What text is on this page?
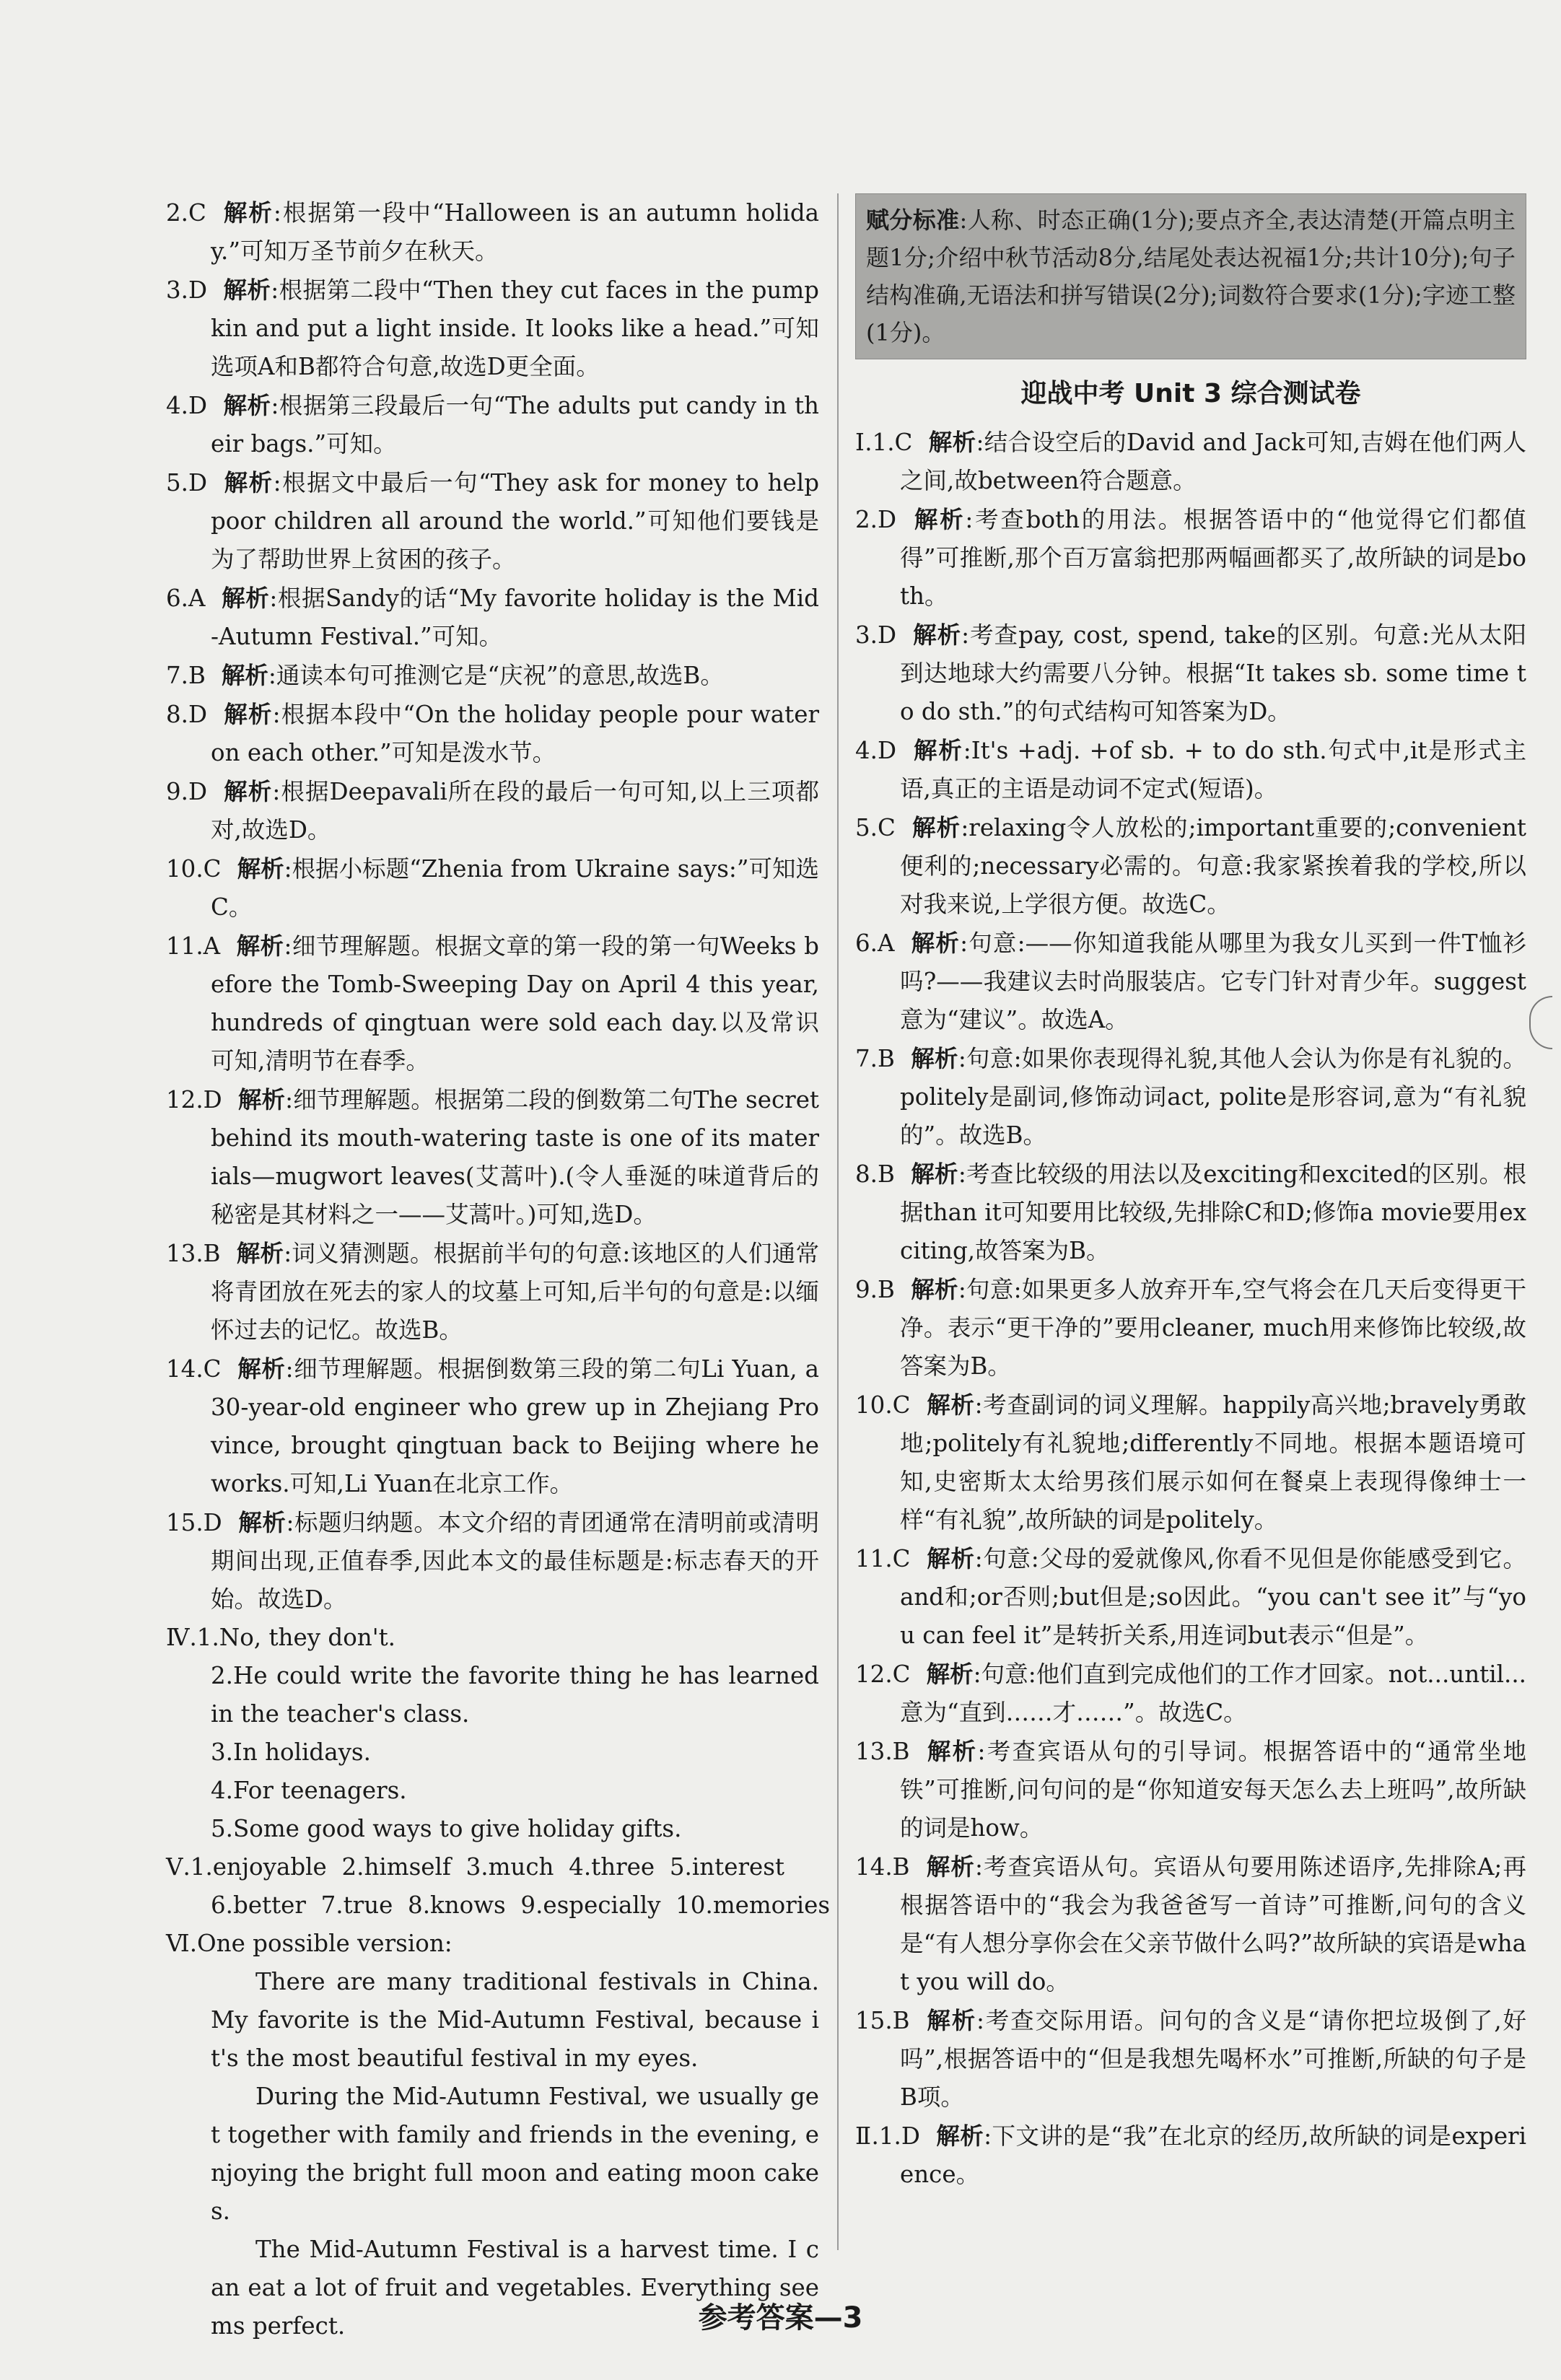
2.C 解析:根据第一段中“Halloween is an autumn holiday.”可知万圣节前夕在秋天。

3.D 解析:根据第二段中“Then they cut faces in the pumpkin and put a light inside. It looks like a head.”可知选项A和B都符合句意,故选D更全面。

4.D 解析:根据第三段最后一句“The adults put candy in their bags.”可知。

5.D 解析:根据文中最后一句“They ask for money to help poor children all around the world.”可知他们要钱是为了帮助世界上贫困的孩子。

6.A 解析:根据Sandy的话“My favorite holiday is the Mid-Autumn Festival.”可知。

7.B 解析:通读本句可推测它是“庆祝”的意思,故选B。

8.D 解析:根据本段中“On the holiday people pour water on each other.”可知是泼水节。

9.D 解析:根据Deepavali所在段的最后一句可知,以上三项都对,故选D。

10.C 解析:根据小标题“Zhenia from Ukraine says:”可知选C。

11.A 解析:细节理解题。根据文章的第一段的第一句Weeks before the Tomb-Sweeping Day on April 4 this year, hundreds of qingtuan were sold each day.以及常识可知,清明节在春季。

12.D 解析:细节理解题。根据第二段的倒数第二句The secret behind its mouth-watering taste is one of its materials—mugwort leaves(艾蒿叶).(令人垂涎的味道背后的秘密是其材料之一——艾蒿叶。)可知,选D。

13.B 解析:词义猜测题。根据前半句的句意:该地区的人们通常将青团放在死去的家人的坟墓上可知,后半句的句意是:以缅怀过去的记忆。故选B。

14.C 解析:细节理解题。根据倒数第三段的第二句Li Yuan, a 30-year-old engineer who grew up in Zhejiang Province, brought qingtuan back to Beijing where he works.可知,Li Yuan在北京工作。

15.D 解析:标题归纳题。本文介绍的青团通常在清明前或清明期间出现,正值春季,因此本文的最佳标题是:标志春天的开始。故选D。

Ⅳ.1.No, they don't.

2.He could write the favorite thing he has learned in the teacher's class.

3.In holidays.

4.For teenagers.

5.Some good ways to give holiday gifts.

Ⅴ.1.enjoyable  2.himself  3.much  4.three  5.interest

6.better  7.true  8.knows  9.especially  10.memories

Ⅵ.One possible version:

There are many traditional festivals in China. My favorite is the Mid-Autumn Festival, because it's the most beautiful festival in my eyes.

During the Mid-Autumn Festival, we usually get together with family and friends in the evening, enjoying the bright full moon and eating moon cakes.

The Mid-Autumn Festival is a harvest time. I can eat a lot of fruit and vegetables. Everything seems perfect.

赋分标准:人称、时态正确(1分);要点齐全,表达清楚(开篇点明主题1分;介绍中秋节活动8分,结尾处表达祝福1分;共计10分);句子结构准确,无语法和拼写错误(2分);词数符合要求(1分);字迹工整(1分)。
迎战中考 Unit 3 综合测试卷

Ⅰ.1.C 解析:结合设空后的David and Jack可知,吉姆在他们两人之间,故between符合题意。

2.D 解析:考查both的用法。根据答语中的“他觉得它们都值得”可推断,那个百万富翁把那两幅画都买了,故所缺的词是both。

3.D 解析:考查pay, cost, spend, take的区别。句意:光从太阳到达地球大约需要八分钟。根据“It takes sb. some time to do sth.”的句式结构可知答案为D。

4.D 解析:It's +adj. +of sb. + to do sth.句式中,it是形式主语,真正的主语是动词不定式(短语)。

5.C 解析:relaxing令人放松的;important重要的;convenient便利的;necessary必需的。句意:我家紧挨着我的学校,所以对我来说,上学很方便。故选C。

6.A 解析:句意:——你知道我能从哪里为我女儿买到一件T恤衫吗?——我建议去时尚服装店。它专门针对青少年。suggest意为“建议”。故选A。

7.B 解析:句意:如果你表现得礼貌,其他人会认为你是有礼貌的。politely是副词,修饰动词act, polite是形容词,意为“有礼貌的”。故选B。

8.B 解析:考查比较级的用法以及exciting和excited的区别。根据than it可知要用比较级,先排除C和D;修饰a movie要用exciting,故答案为B。

9.B 解析:句意:如果更多人放弃开车,空气将会在几天后变得更干净。表示“更干净的”要用cleaner, much用来修饰比较级,故答案为B。

10.C 解析:考查副词的词义理解。happily高兴地;bravely勇敢地;politely有礼貌地;differently不同地。根据本题语境可知,史密斯太太给男孩们展示如何在餐桌上表现得像绅士一样“有礼貌”,故所缺的词是politely。

11.C 解析:句意:父母的爱就像风,你看不见但是你能感受到它。and和;or否则;but但是;so因此。“you can't see it”与“you can feel it”是转折关系,用连词but表示“但是”。

12.C 解析:句意:他们直到完成他们的工作才回家。not...until...意为“直到……才……”。故选C。

13.B 解析:考查宾语从句的引导词。根据答语中的“通常坐地铁”可推断,问句问的是“你知道安每天怎么去上班吗”,故所缺的词是how。

14.B 解析:考查宾语从句。宾语从句要用陈述语序,先排除A;再根据答语中的“我会为我爸爸写一首诗”可推断,问句的含义是“有人想分享你会在父亲节做什么吗?”故所缺的宾语是what you will do。

15.B 解析:考查交际用语。问句的含义是“请你把垃圾倒了,好吗”,根据答语中的“但是我想先喝杯水”可推断,所缺的句子是B项。

Ⅱ.1.D 解析:下文讲的是“我”在北京的经历,故所缺的词是experience。

参考答案—3
